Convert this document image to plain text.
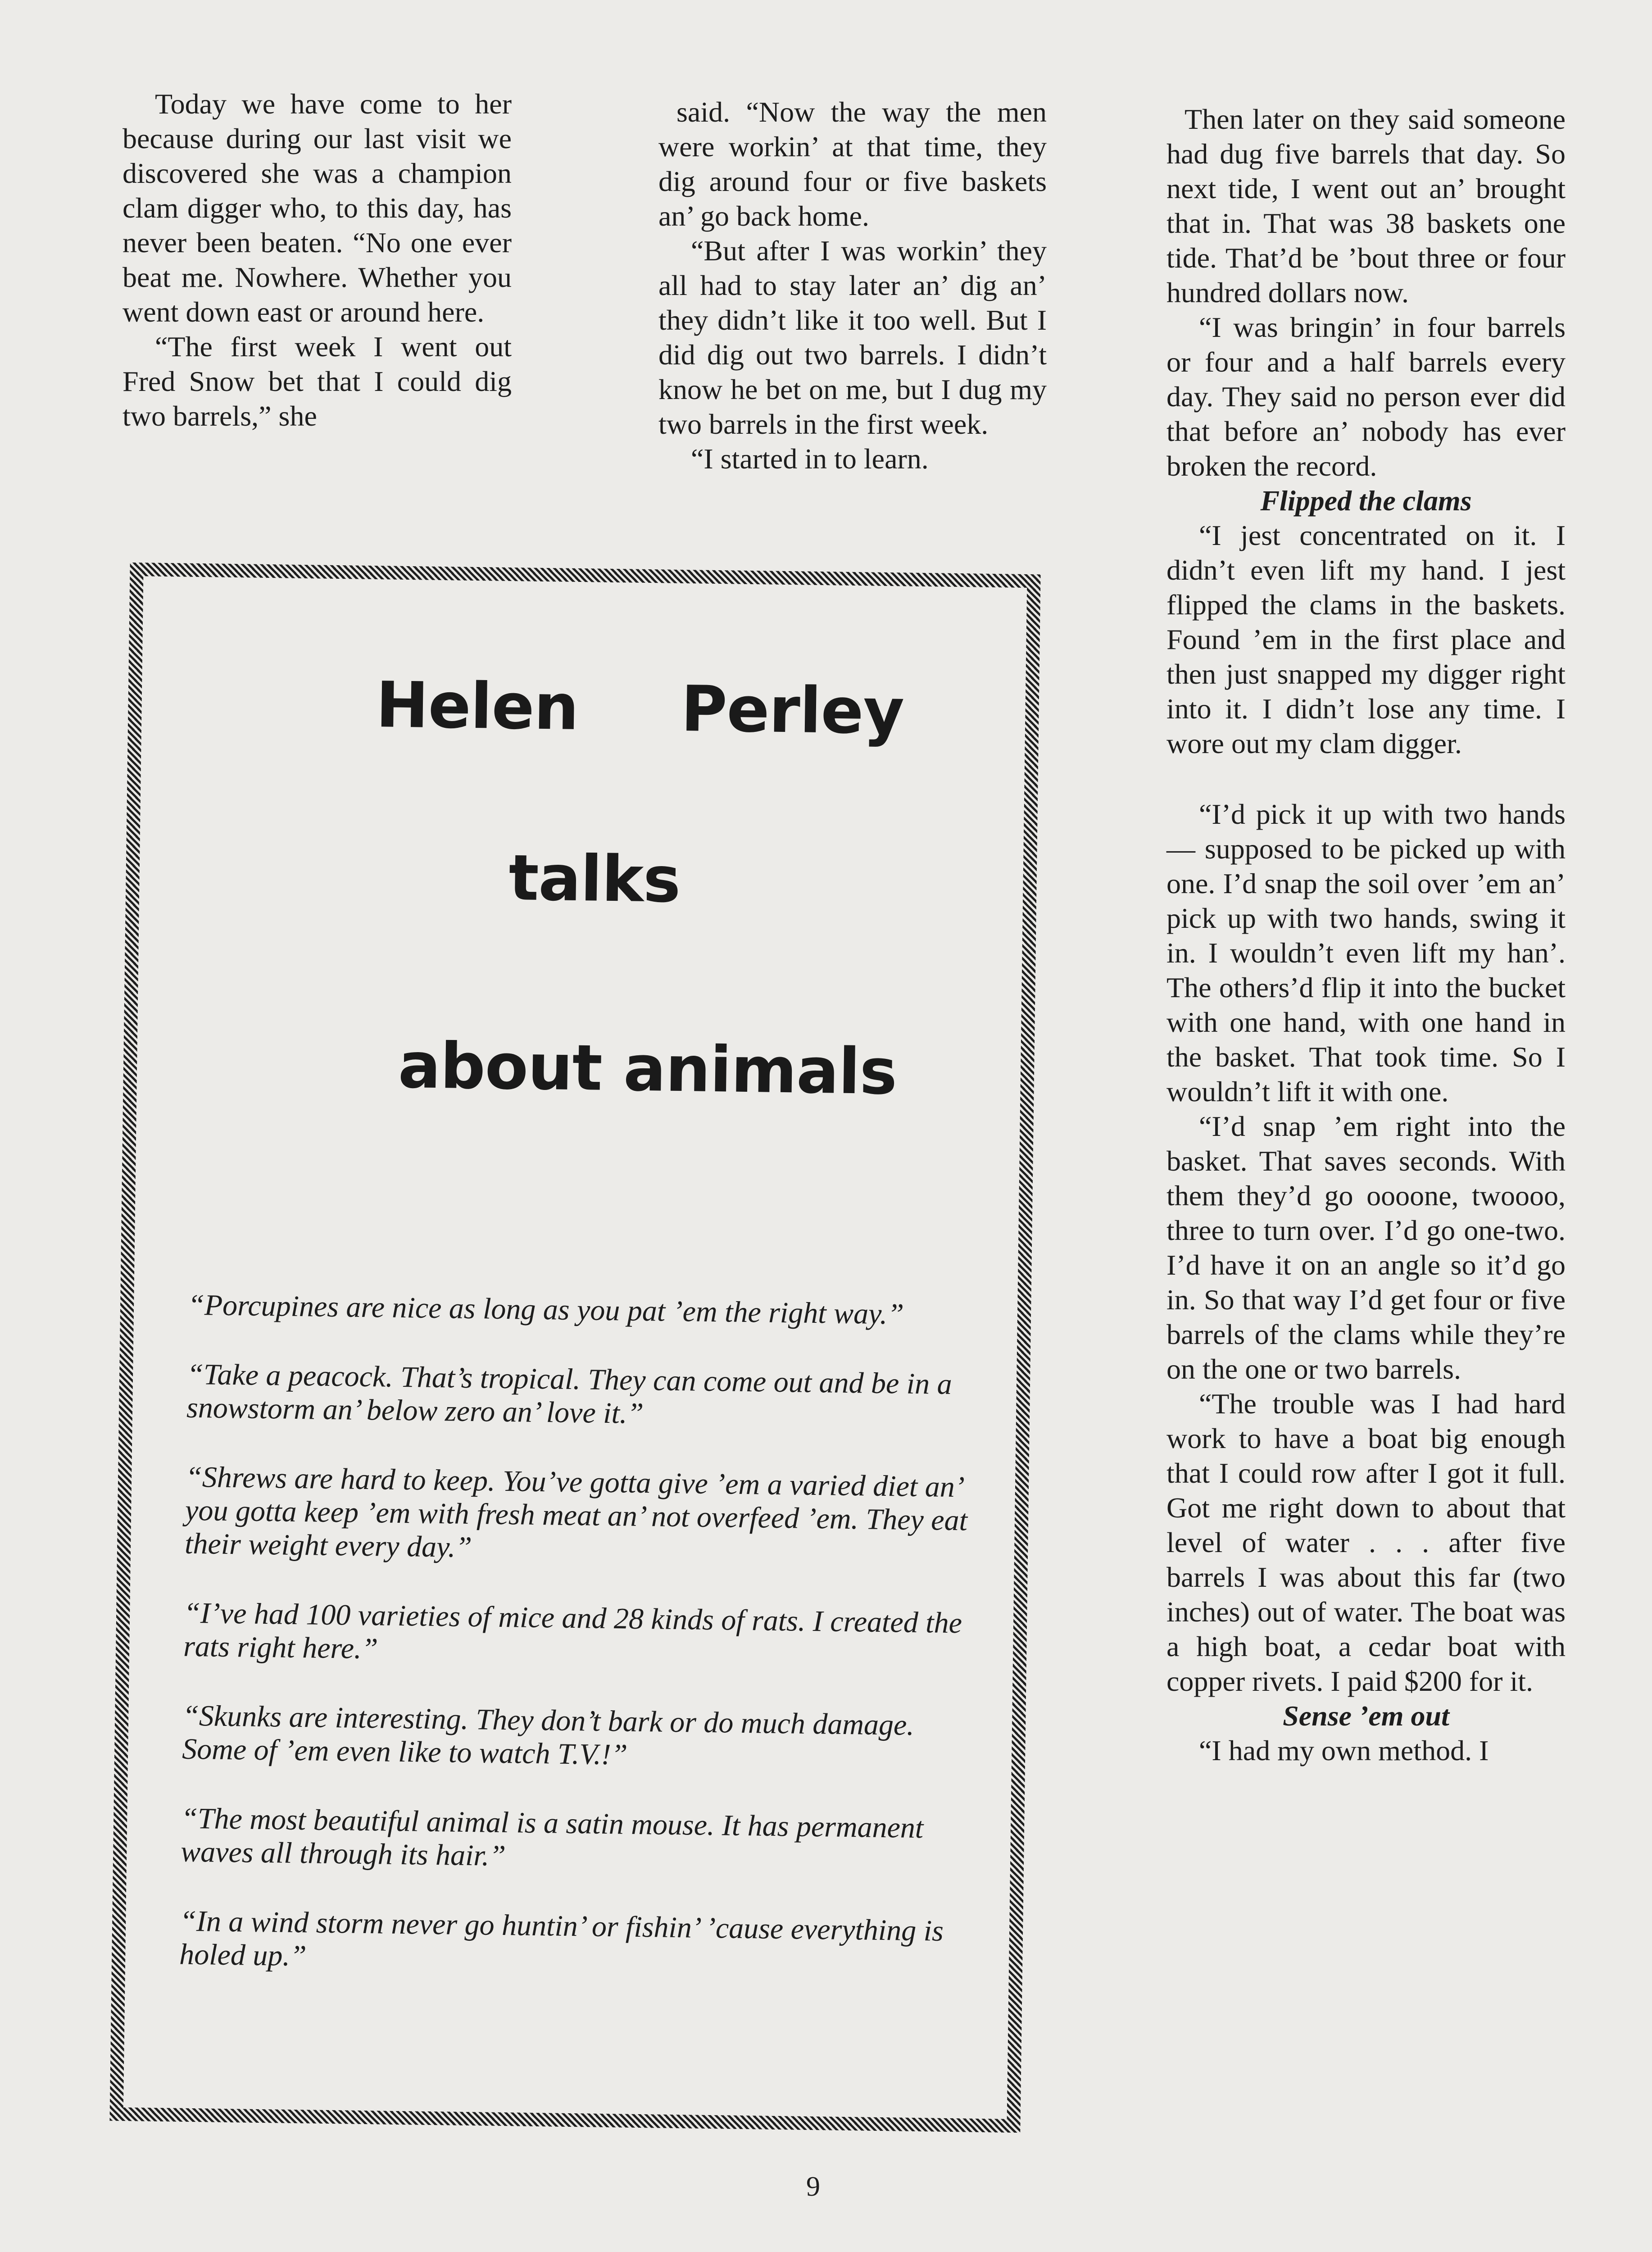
Today we have come to her because during our last visit we discovered she was a champion clam digger who, to this day, has never been beaten. “No one ever beat me. Nowhere. Whether you went down east or around here.

“The first week I went out Fred Snow bet that I could dig two barrels,” she

said. “Now the way the men were workin’ at that time, they dig around four or five baskets an’ go back home.

“But after I was workin’ they all had to stay later an’ dig an’ they didn’t like it too well. But I did dig out two barrels. I didn’t know he bet on me, but I dug my two barrels in the first week.

“I started in to learn.

Then later on they said someone had dug five barrels that day. So next tide, I went out an’ brought that in. That was 38 baskets one tide. That’d be ’bout three or four hundred dollars now.

“I was bringin’ in four barrels or four and a half barrels every day. They said no person ever did that before an’ nobody has ever broken the record.

Flipped the clams

“I jest concentrated on it. I didn’t even lift my hand. I jest flipped the clams in the baskets. Found ’em in the first place and then just snapped my digger right into it. I didn’t lose any time. I wore out my clam digger.

“I’d pick it up with two hands — supposed to be picked up with one. I’d snap the soil over ’em an’ pick up with two hands, swing it in. I wouldn’t even lift my han’. The others’d flip it into the bucket with one hand, with one hand in the basket. That took time. So I wouldn’t lift it with one.

“I’d snap ’em right into the basket. That saves seconds. With them they’d go oooone, twoooo, three to turn over. I’d go one-two. I’d have it on an angle so it’d go in. So that way I’d get four or five barrels of the clams while they’re on the one or two barrels.

“The trouble was I had hard work to have a boat big enough that I could row after I got it full. Got me right down to about that level of water . . . after five barrels I was about this far (two inches) out of water. The boat was a high boat, a cedar boat with copper rivets. I paid $200 for it.

Sense ’em out

“I had my own method. I

Helen Perley
talks
about animals

“Porcupines are nice as long as you pat ’em the right way.”

“Take a peacock. That’s tropical. They can come out and be in a snowstorm an’ below zero an’ love it.”

“Shrews are hard to keep. You’ve gotta give ’em a varied diet an’ you gotta keep ’em with fresh meat an’ not overfeed ’em. They eat their weight every day.”

“I’ve had 100 varieties of mice and 28 kinds of rats. I created the rats right here.”

“Skunks are interesting. They don’t bark or do much damage. Some of ’em even like to watch T.V.!”

“The most beautiful animal is a satin mouse. It has permanent waves all through its hair.”

“In a wind storm never go huntin’ or fishin’ ’cause everything is holed up.”

9
